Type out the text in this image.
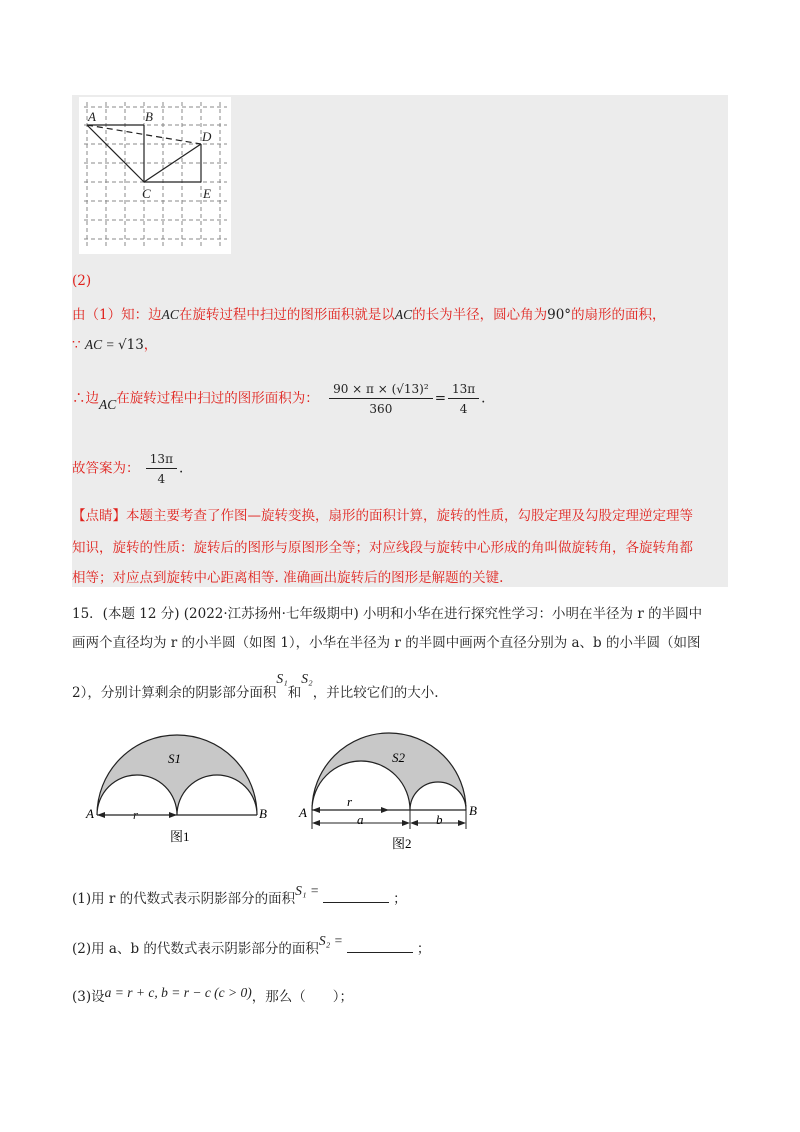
A	B
C
D
E
(2)
由（1）知：边AC在旋转过程中扫过的图形面积就是以AC的长为半径，圆心角为90°的扇形的面积，
∵ AC = √13，
∴边AC在旋转过程中扫过的图形面积为： $\frac{\text{90 × π × (√13)²}}{360} = \frac{13\pi}{4}$ .
故答案为： $\frac{13\pi}{4}$ .
【点睛】本题主要考查了作图—旋转变换，扇形的面积计算，旋转的性质，勾股定理及勾股定理逆定理等
知识，旋转的性质：旋转后的图形与原图形全等；对应线段与旋转中心形成的角叫做旋转角，各旋转角都
相等；对应点到旋转中心距离相等. 准确画出旋转后的图形是解题的关键.
15．(本题 12 分) (2022·江苏扬州·七年级期中) 小明和小华在进行探究性学习：小明在半径为 r 的半圆中
画两个直径均为 r 的小半圆（如图 1），小华在半径为 r 的半圆中画两个直径分别为 a、b 的小半圆（如图
2），分别计算剩余的阴影部分面积S₁和S₂，并比较它们的大小.
S1
A	B
r
图1
S2
A	B
r
a	b
图2
(1)用 r 的代数式表示阴影部分的面积S₁ =；
(2)用 a、b 的代数式表示阴影部分的面积S₂ =；
(3)设a = r + c, b = r − c (c > 0)，那么（　　）；
